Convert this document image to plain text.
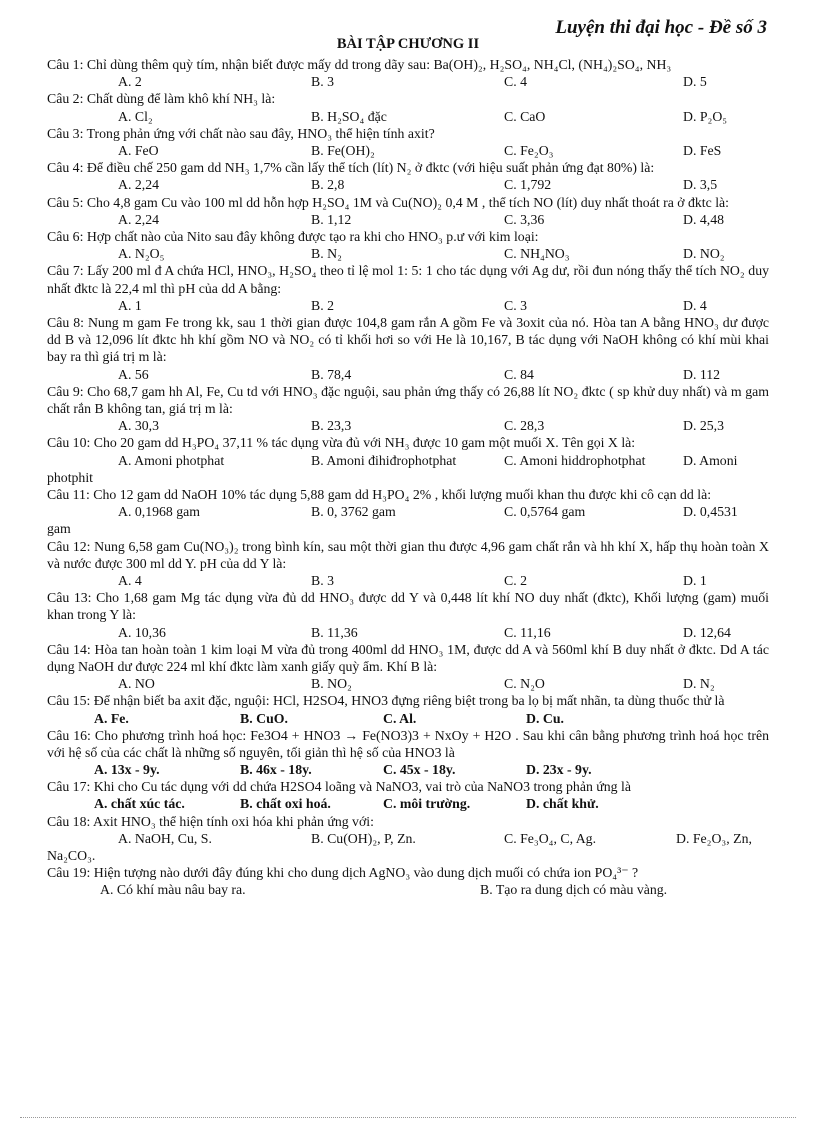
Luyện thi đại học - Đề số 3
BÀI TẬP CHƯƠNG II
Câu 1: Chỉ dùng thêm quỳ tím, nhận biết được mấy dd trong dãy sau: Ba(OH)₂, H₂SO₄, NH₄Cl, (NH₄)₂SO₄, NH₃
A. 2	B. 3	C. 4	D. 5
Câu 2: Chất dùng để làm khô khí NH₃ là:
A. Cl₂	B. H₂SO₄ đặc	C. CaO	D. P₂O₅
Câu 3: Trong phản ứng với chất nào sau đây, HNO₃ thể hiện tính axit?
A. FeO	B. Fe(OH)₂	C. Fe₂O₃	D. FeS
Câu 4: Để điều chế 250 gam dd NH₃ 1,7% cần lấy thể tích (lít) N₂ ở đktc (với hiệu suất phản ứng đạt 80%) là:
A. 2,24	B. 2,8	C. 1,792	D. 3,5
Câu 5: Cho 4,8 gam Cu vào 100 ml dd hỗn hợp H₂SO₄ 1M và Cu(NO)₂ 0,4 M , thể tích NO (lít) duy nhất thoát ra ở đktc là:
A. 2,24	B. 1,12	C. 3,36	D. 4,48
Câu 6: Hợp chất nào của Nito sau đây không được tạo ra khi cho HNO₃ p.ư với kim loại:
A. N₂O₅	B. N₂	C. NH₄NO₃	D. NO₂
Câu 7: Lấy 200 ml đ A chứa HCl, HNO₃, H₂SO₄ theo tỉ lệ mol 1: 5: 1 cho tác dụng với Ag dư, rồi đun nóng thấy thể tích NO₂ duy nhất đktc là 22,4 ml thì pH của dd A bằng:
A. 1	B. 2	C. 3	D. 4
Câu 8: Nung m gam Fe trong kk, sau 1 thời gian được 104,8 gam rắn A gồm Fe và 3oxit của nó. Hòa tan A bằng HNO₃ dư được dd B và 12,096 lít đktc hh khí gồm NO và NO₂ có tỉ khối hơi so với He là 10,167, B tác dụng với NaOH không có khí mùi khai bay ra thì giá trị m là:
A. 56	B. 78,4	C. 84	D. 112
Câu 9: Cho 68,7 gam hh Al, Fe, Cu td với HNO₃ đặc nguội, sau phản ứng thấy có 26,88 lít NO₂ đktc ( sp khử duy nhất) và m gam chất rắn B không tan, giá trị m là:
A. 30,3	B. 23,3	C. 28,3	D. 25,3
Câu 10: Cho 20 gam dd H₃PO₄ 37,11 % tác dụng vừa đủ với NH₃ được 10 gam một muối X. Tên gọi X là:
A. Amoni photphat	B. Amoni đihiđrophotphat	C. Amoni hiddrophotphat	D. Amoni
photphit
Câu 11: Cho 12 gam dd NaOH 10% tác dụng 5,88 gam dd H₃PO₄ 2% , khối lượng muối khan thu được khi cô cạn dd là:
A. 0,1968 gam	B. 0, 3762 gam	C. 0,5764 gam	D. 0,4531
gam
Câu 12: Nung 6,58 gam Cu(NO₃)₂ trong bình kín, sau một thời gian thu được 4,96 gam chất rắn và hh khí X, hấp thụ hoàn toàn X và nước được 300 ml dd Y. pH của dd Y là:
A. 4	B. 3	C. 2	D. 1
Câu 13: Cho 1,68 gam Mg tác dụng vừa đủ dd HNO₃ được dd Y và 0,448 lít khí NO duy nhất (đktc), Khối lượng (gam) muối khan trong Y là:
A. 10,36	B. 11,36	C. 11,16	D. 12,64
Câu 14: Hòa tan hoàn toàn 1 kim loại M vừa đủ trong 400ml dd HNO₃ 1M, được dd A và 560ml khí B duy nhất ở đktc. Dd A tác dụng NaOH dư được 224 ml khí đktc làm xanh giấy quỳ ẩm. Khí B là:
A. NO	B. NO₂	C. N₂O	D. N₂
Câu 15: Để nhận biết ba axit đặc, nguội: HCl, H2SO4, HNO3 đựng riêng biệt trong ba lọ bị mất nhãn, ta dùng thuốc thử là
A. Fe.	B. CuO.	C. Al.	D. Cu.
Câu 16: Cho phương trình hoá học: Fe3O4 + HNO3 → Fe(NO3)3 + NxOy + H2O . Sau khi cân bằng phương trình hoá học trên với hệ số của các chất là những số nguyên, tối giản thì hệ số của HNO3 là
A. 13x - 9y.	B. 46x - 18y.	C. 45x - 18y.	D. 23x - 9y.
Câu 17: Khi cho Cu tác dụng với dd chứa H2SO4 loãng và NaNO3, vai trò của NaNO3 trong phản ứng là
A. chất xúc tác.	B. chất oxi hoá.	C. môi trường.	D. chất khử.
Câu 18: Axit HNO₃ thể hiện tính oxi hóa khi phản ứng với:
A. NaOH, Cu, S.	B. Cu(OH)₂, P, Zn.	C. Fe₃O₄, C, Ag.	D. Fe₂O₃, Zn,
Na₂CO₃.
Câu 19: Hiện tượng nào dưới đây đúng khi cho dung dịch AgNO₃ vào dung dịch muối có chứa ion PO₄³⁻ ?
A. Có khí màu nâu bay ra.	B. Tạo ra dung dịch có màu vàng.
